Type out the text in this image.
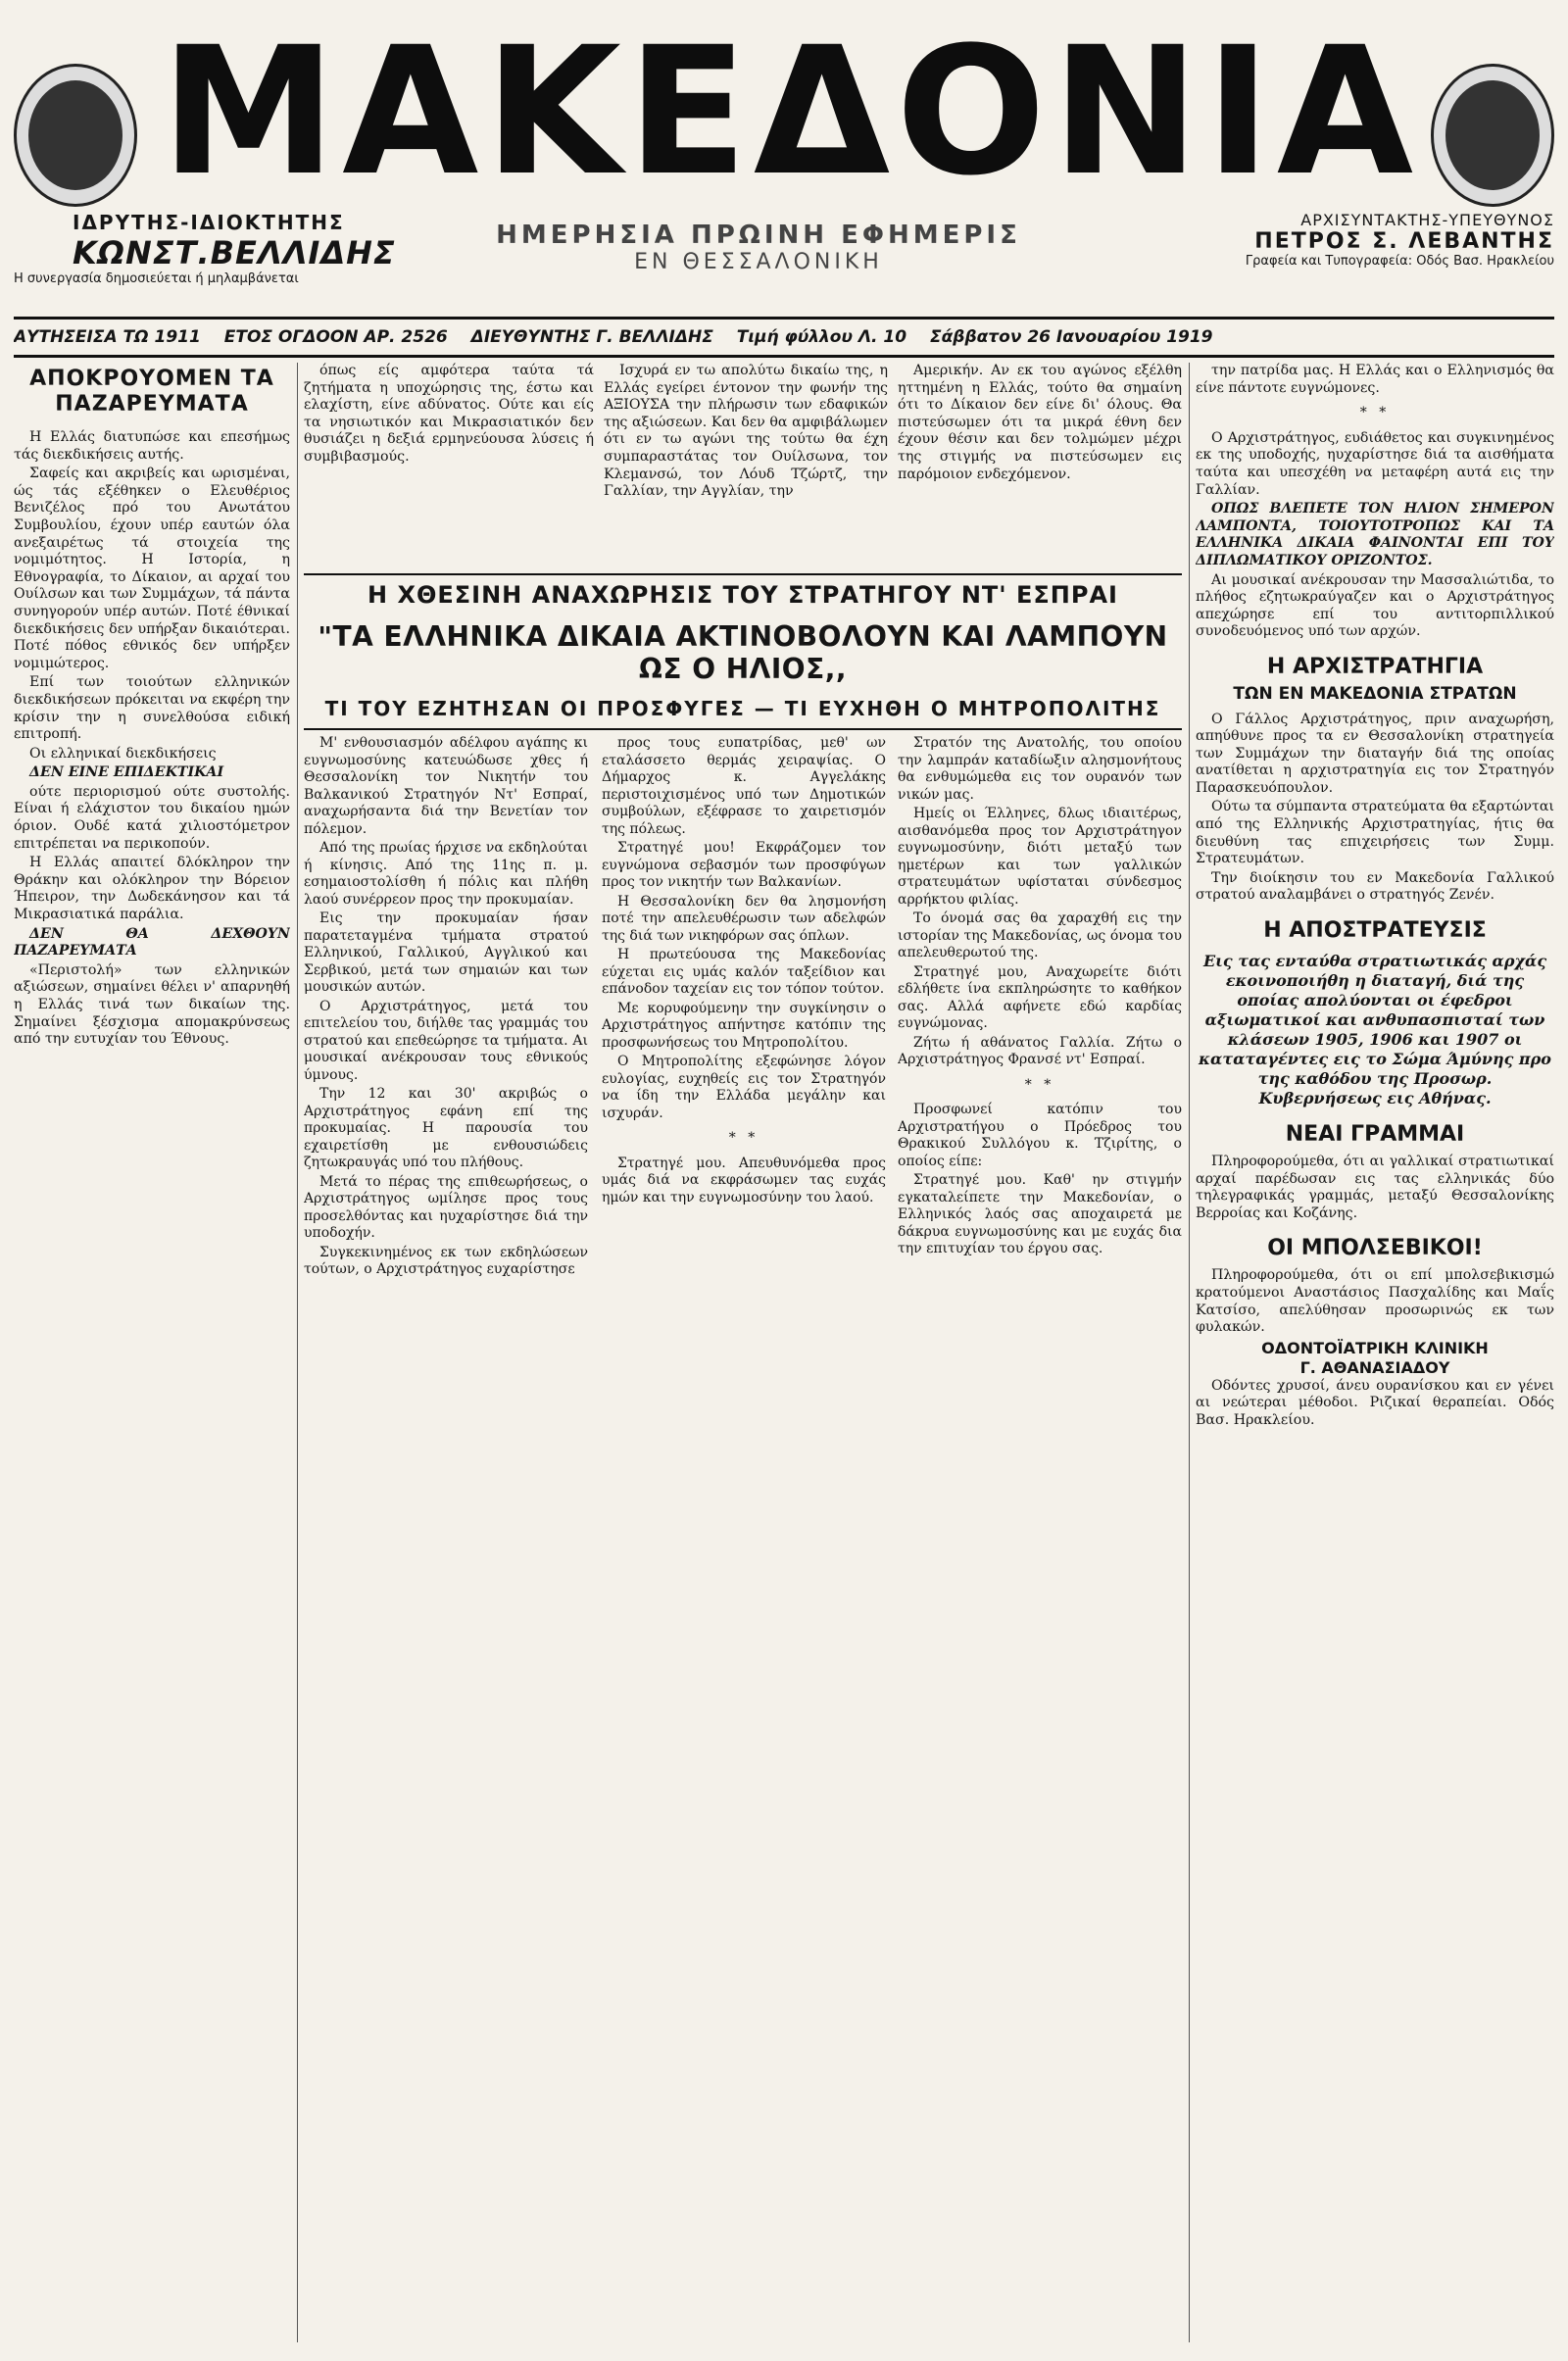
ΜΑΚΕΔΟΝΙΑ
ΙΔΡΥΤΗΣ-ΙΔΙΟΚΤΗΤΗΣ
ΚΩΝΣΤ.ΒΕΛΛΙΔΗΣ
Η συνεργασία δημοσιεύεται ή μηλαμβάνεται
ΗΜΕΡΗΣΙΑ ΠΡΩΙΝΗ ΕΦΗΜΕΡΙΣ
ΕΝ ΘΕΣΣΑΛΟΝΙΚΗ
ΑΡΧΙΣΥΝΤΑΚΤΗΣ-ΥΠΕΥΘΥΝΟΣ
ΠΕΤΡΟΣ Σ. ΛΕΒΑΝΤΗΣ
Γραφεία και Τυπογραφεία: Οδός Βασ. Ηρακλείου
ΑΥΤΗΣΕΙΣΑ ΤΩ 1911 ΕΤΟΣ ΟΓΔΟΟΝ ΑΡ. 2526 ΔΙΕΥΘΥΝΤΗΣ Γ. ΒΕΛΛΙΔΗΣ Τιμή φύλλου Λ. 10 Σάββατον 26 Ιανουαρίου 1919
ΑΠΟΚΡΟΥΟΜΕΝ ΤΑ ΠΑΖΑΡΕΥΜΑΤΑ

Η Ελλάς διατυπώσε και επεσήμως τάς διεκδικήσεις αυτής.

Σαφείς και ακριβείς και ωρισμέναι, ώς τάς εξέθηκεν ο Ελευθέριος Βενιζέλος πρό του Ανωτάτου Συμβουλίου, έχουν υπέρ εαυτών όλα ανεξαιρέτως τά στοιχεία της νομιμότητος. Η Ιστορία, η Εθνογραφία, το Δίκαιον, αι αρχαί του Ουίλσων και των Συμμάχων, τά πάντα συνηγορούν υπέρ αυτών. Ποτέ έθνικαί διεκδικήσεις δεν υπήρξαν δικαιότεραι. Ποτέ πόθος εθνικός δεν υπήρξεν νομιμώτερος.

Επί των τοιούτων ελληνικών διεκδικήσεων πρόκειται να εκφέρη την κρίσιν την η συνελθούσα ειδική επιτροπή.

Οι ελληνικαί διεκδικήσεις

ΔΕΝ ΕΙΝΕ ΕΠΙΔΕΚΤΙΚΑΙ

ούτε περιορισμού ούτε συστολής. Είναι ή ελάχιστον του δικαίου ημών όριον. Ουδέ κατά χιλιοστόμετρον επιτρέπεται να περικοπούν.

Η Ελλάς απαιτεί δλόκληρον την Θράκην και ολόκληρον την Βόρειον Ήπειρον, την Δωδεκάνησον και τά Μικρασιατικά παράλια.

ΔΕΝ ΘΑ ΔΕΧΘΟΥΝ ΠΑΖΑΡΕΥΜΑΤΑ

«Περιστολή» των ελληνικών αξιώσεων, σημαίνει θέλει ν' απαρνηθή η Ελλάς τινά των δικαίων της. Σημαίνει ξέσχισμα απομακρύνσεως από την ευτυχίαν του Έθνους.

όπως είς αμφότερα ταύτα τά ζητήματα η υποχώρησις της, έστω και ελαχίστη, είνε αδύνατος. Ούτε και είς τα νησιωτικόν και Μικρασιατικόν δεν θυσιάζει η δεξιά ερμηνεύουσα λύσεις ή συμβιβασμούς.

Ισχυρά εν τω απολύτω δικαίω της, η Ελλάς εγείρει έντονον την φωνήν της ΑΞΙΟΥΣΑ την πλήρωσιν των εδαφικών της αξιώσεων. Και δεν θα αμφιβάλωμεν ότι εν τω αγώνι της τούτω θα έχη συμπαραστάτας τον Ουίλσωνα, τον Κλεμανσώ, τον Λόυδ Τζώρτζ, την Γαλλίαν, την Αγγλίαν, την

Αμερικήν. Αν εκ του αγώνος εξέλθη ηττημένη η Ελλάς, τούτο θα σημαίνη ότι το Δίκαιον δεν είνε δι' όλους. Θα πιστεύσωμεν ότι τα μικρά έθνη δεν έχουν θέσιν και δεν τολμώμεν μέχρι της στιγμής να πιστεύσωμεν εις παρόμοιον ενδεχόμενον.

Η ΧΘΕΣΙΝΗ ΑΝΑΧΩΡΗΣΙΣ ΤΟΥ ΣΤΡΑΤΗΓΟΥ ΝΤ' ΕΣΠΡΑΙ
"ΤΑ ΕΛΛΗΝΙΚΑ ΔΙΚΑΙΑ ΑΚΤΙΝΟΒΟΛΟΥΝ ΚΑΙ ΛΑΜΠΟΥΝ ΩΣ Ο ΗΛΙΟΣ,,
ΤΙ ΤΟΥ ΕΖΗΤΗΣΑΝ ΟΙ ΠΡΟΣΦΥΓΕΣ — ΤΙ ΕΥΧΗΘΗ Ο ΜΗΤΡΟΠΟΛΙΤΗΣ

Μ' ενθουσιασμόν αδέλφου αγάπης κι ευγνωμοσύνης κατευώδωσε χθες ή Θεσσαλονίκη τον Νικητήν του Βαλκανικού Στρατηγόν Ντ' Εσπραί, αναχωρήσαντα διά την Βενετίαν τον πόλεμον.

Από της πρωίας ήρχισε να εκδηλούται ή κίνησις. Από της 11ης π. μ. εσημαιοστολίσθη ή πόλις και πλήθη λαού συνέρρεον προς την προκυμαίαν.

Εις την προκυμαίαν ήσαν παρατεταγμένα τμήματα στρατού Ελληνικού, Γαλλικού, Αγγλικού και Σερβικού, μετά των σημαιών και των μουσικών αυτών.

Ο Αρχιστράτηγος, μετά του επιτελείου του, διήλθε τας γραμμάς του στρατού και επεθεώρησε τα τμήματα. Αι μουσικαί ανέκρουσαν τους εθνικούς ύμνους.

Την 12 και 30' ακριβώς ο Αρχιστράτηγος εφάνη επί της προκυμαίας. Η παρουσία του εχαιρετίσθη με ενθουσιώδεις ζητωκραυγάς υπό του πλήθους.

Μετά το πέρας της επιθεωρήσεως, ο Αρχιστράτηγος ωμίλησε προς τους προσελθόντας και ηυχαρίστησε διά την υποδοχήν.

Συγκεκινημένος εκ των εκδηλώσεων τούτων, ο Αρχιστράτηγος ευχαρίστησε

προς τους ευπατρίδας, μεθ' ων εταλάσσετο θερμάς χειραψίας. Ο Δήμαρχος κ. Αγγελάκης περιστοιχισμένος υπό των Δημοτικών συμβούλων, εξέφρασε το χαιρετισμόν της πόλεως.

Στρατηγέ μου! Εκφράζομεν τον ευγνώμονα σεβασμόν των προσφύγων προς τον νικητήν των Βαλκανίων.

Η Θεσσαλονίκη δεν θα λησμονήση ποτέ την απελευθέρωσιν των αδελφών της διά των νικηφόρων σας όπλων.

Η πρωτεύουσα της Μακεδονίας εύχεται εις υμάς καλόν ταξείδιον και επάνοδον ταχείαν εις τον τόπον τούτον.

Με κορυφούμενην την συγκίνησιν ο Αρχιστράτηγος απήντησε κατόπιν της προσφωνήσεως του Μητροπολίτου.

Ο Μητροπολίτης εξεφώνησε λόγον ευλογίας, ευχηθείς εις τον Στρατηγόν να ίδη την Ελλάδα μεγάλην και ισχυράν.

* *

Στρατηγέ μου. Απευθυνόμεθα προς υμάς διά να εκφράσωμεν τας ευχάς ημών και την ευγνωμοσύνην του λαού.

Στρατόν της Ανατολής, του οποίου την λαμπράν καταδίωξιν αλησμονήτους θα ενθυμώμεθα εις τον ουρανόν των νικών μας.

Ημείς οι Έλληνες, δλως ιδιαιτέρως, αισθανόμεθα προς τον Αρχιστράτηγον ευγνωμοσύνην, διότι μεταξύ των ημετέρων και των γαλλικών στρατευμάτων υφίσταται σύνδεσμος αρρήκτου φιλίας.

Το όνομά σας θα χαραχθή εις την ιστορίαν της Μακεδονίας, ως όνομα του απελευθερωτού της.

Στρατηγέ μου, Αναχωρείτε διότι εδλήθετε ίνα εκπληρώσητε το καθήκον σας. Αλλά αφήνετε εδώ καρδίας ευγνώμονας.

Ζήτω ή αθάνατος Γαλλία. Ζήτω ο Αρχιστράτηγος Φρανσέ ντ' Εσπραί.

* *

Προσφωνεί κατόπιν του Αρχιστρατήγου ο Πρόεδρος του Θρακικού Συλλόγου κ. Τζιρίτης, ο οποίος είπε:

Στρατηγέ μου. Καθ' ην στιγμήν εγκαταλείπετε την Μακεδονίαν, ο Ελληνικός λαός σας αποχαιρετά με δάκρυα ευγνωμοσύνης και με ευχάς δια την επιτυχίαν του έργου σας.

την πατρίδα μας. Η Ελλάς και ο Ελληνισμός θα είνε πάντοτε ευγνώμονες.

* *

Ο Αρχιστράτηγος, ευδιάθετος και συγκινημένος εκ της υποδοχής, ηυχαρίστησε διά τα αισθήματα ταύτα και υπεσχέθη να μεταφέρη αυτά εις την Γαλλίαν.

ΟΠΩΣ ΒΛΕΠΕΤΕ ΤΟΝ ΗΛΙΟΝ ΣΗΜΕΡΟΝ ΛΑΜΠΟΝΤΑ, ΤΟΙΟΥΤΟΤΡΟΠΩΣ ΚΑΙ ΤΑ ΕΛΛΗΝΙΚΑ ΔΙΚΑΙΑ ΦΑΙΝΟΝΤΑΙ ΕΠΙ ΤΟΥ ΔΙΠΛΩΜΑΤΙΚΟΥ ΟΡΙΖΟΝΤΟΣ.

Αι μουσικαί ανέκρουσαν την Μασσαλιώτιδα, το πλήθος εζητωκραύγαζεν και ο Αρχιστράτηγος απεχώρησε επί του αντιτορπιλλικού συνοδευόμενος υπό των αρχών.

Η ΑΡΧΙΣΤΡΑΤΗΓΙΑ
ΤΩΝ ΕΝ ΜΑΚΕΔΟΝΙΑ ΣΤΡΑΤΩΝ

Ο Γάλλος Αρχιστράτηγος, πριν αναχωρήση, απηύθυνε προς τα εν Θεσσαλονίκη στρατηγεία των Συμμάχων την διαταγήν διά της οποίας ανατίθεται η αρχιστρατηγία εις τον Στρατηγόν Παρασκευόπουλον.

Ούτω τα σύμπαντα στρατεύματα θα εξαρτώνται από της Ελληνικής Αρχιστρατηγίας, ήτις θα διευθύνη τας επιχειρήσεις των Συμμ. Στρατευμάτων.

Την διοίκησιν του εν Μακεδονία Γαλλικού στρατού αναλαμβάνει ο στρατηγός Ζενέν.

Η ΑΠΟΣΤΡΑΤΕΥΣΙΣ
Εις τας ενταύθα στρατιωτικάς αρχάς εκοινοποιήθη η διαταγή, διά της οποίας απολύονται οι έφεδροι αξιωματικοί και ανθυπασπισταί των κλάσεων 1905, 1906 και 1907 οι καταταγέντες εις το Σώμα Άμύνης προ της καθόδου της Προσωρ. Κυβερνήσεως εις Αθήνας.
ΝΕΑΙ ΓΡΑΜΜΑΙ

Πληροφορούμεθα, ότι αι γαλλικαί στρατιωτικαί αρχαί παρέδωσαν εις τας ελληνικάς δύο τηλεγραφικάς γραμμάς, μεταξύ Θεσσαλονίκης Βερροίας και Κοζάνης.

ΟΙ ΜΠΟΛΣΕΒΙΚΟΙ!

Πληροφορούμεθα, ότι οι επί μπολσεβικισμώ κρατούμενοι Αναστάσιος Πασχαλίδης και Μαΐς Κατσίσο, απελύθησαν προσωρινώς εκ των φυλακών.

ΟΔΟΝΤΟΪΑΤΡΙΚΗ ΚΛΙΝΙΚΗ
Γ. ΑΘΑΝΑΣΙΑΔΟΥ

Οδόντες χρυσοί, άνευ ουρανίσκου και εν γένει αι νεώτεραι μέθοδοι. Ριζικαί θεραπείαι. Οδός Βασ. Ηρακλείου.
